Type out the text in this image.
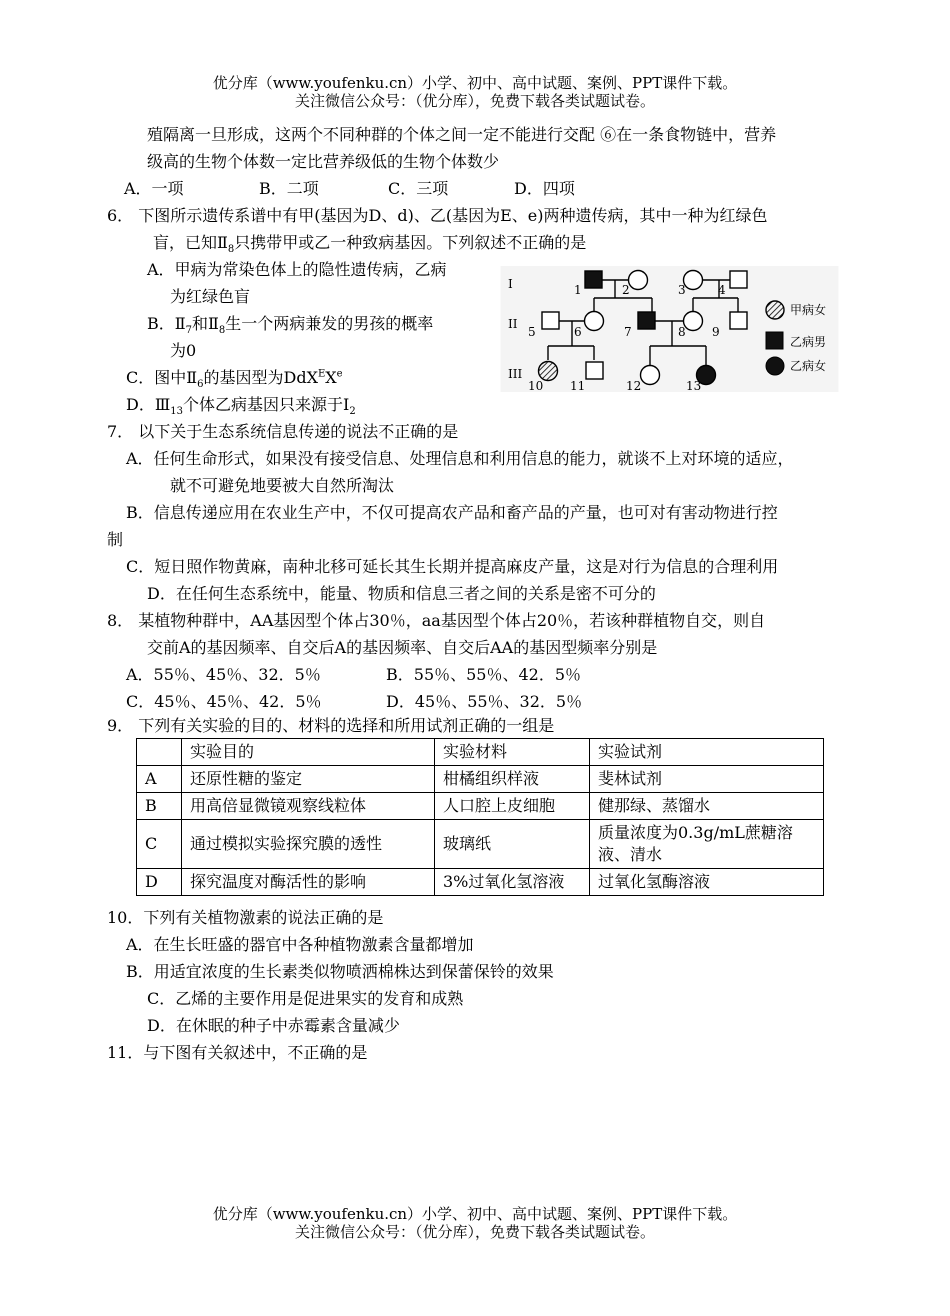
优分库（www.youfenku.cn）小学、初中、高中试题、案例、PPT课件下载。
关注微信公众号：（优分库），免费下载各类试题试卷。
殖隔离一旦形成，这两个不同种群的个体之间一定不能进行交配 ⑥在一条食物链中，营养
级高的生物个体数一定比营养级低的生物个体数少
A．一项	B．二项	C．三项	D．四项
6． 下图所示遗传系谱中有甲(基因为D、d)、乙(基因为E、e)两种遗传病，其中一种为红绿色
盲，已知$Ⅱ_8$只携带甲或乙一种致病基因。下列叙述不正确的是
A．甲病为常染色体上的隐性遗传病，乙病
为红绿色盲
B．$Ⅱ_7$和$Ⅱ_8$生一个两病兼发的男孩的概率
为0
C．图中$Ⅱ_6$的基因型为DdX$^E$Xe
D．$Ⅲ_{13}$个体乙病基因只来源于$I_2$
I
II
III
1	2	3	4
5	6	7	8 9
10 11	12	13
甲病女
乙病男
乙病女
7． 以下关于生态系统信息传递的说法不正确的是
A．任何生命形式，如果没有接受信息、处理信息和利用信息的能力，就谈不上对环境的适应，
就不可避免地要被大自然所淘汰
B．信息传递应用在农业生产中，不仅可提高农产品和畜产品的产量，也可对有害动物进行控
制
C．短日照作物黄麻，南种北移可延长其生长期并提高麻皮产量，这是对行为信息的合理利用
D．在任何生态系统中，能量、物质和信息三者之间的关系是密不可分的
8． 某植物种群中，AA基因型个体占30％，aa基因型个体占20％，若该种群植物自交，则自
交前A的基因频率、自交后A的基因频率、自交后AA的基因型频率分别是
A．55％、45％、32．5％	B．55％、55％、42．5％
C．45％、45％、42．5％	D．45％、55％、32．5％
9． 下列有关实验的目的、材料的选择和所用试剂正确的一组是
	实验目的	实验材料	实验试剂
A	还原性糖的鉴定	柑橘组织样液	斐林试剂
B	用高倍显微镜观察线粒体	人口腔上皮细胞	健那绿、蒸馏水
C	通过模拟实验探究膜的透性	玻璃纸	质量浓度为0.3g/mL蔗糖溶液、清水
D	探究温度对酶活性的影响	3%过氧化氢溶液	过氧化氢酶溶液
10．下列有关植物激素的说法正确的是
A．在生长旺盛的器官中各种植物激素含量都增加
B．用适宜浓度的生长素类似物喷洒棉株达到保蕾保铃的效果
C．乙烯的主要作用是促进果实的发育和成熟
D．在休眠的种子中赤霉素含量减少
11．与下图有关叙述中，不正确的是
优分库（www.youfenku.cn）小学、初中、高中试题、案例、PPT课件下载。
关注微信公众号：（优分库），免费下载各类试题试卷。
